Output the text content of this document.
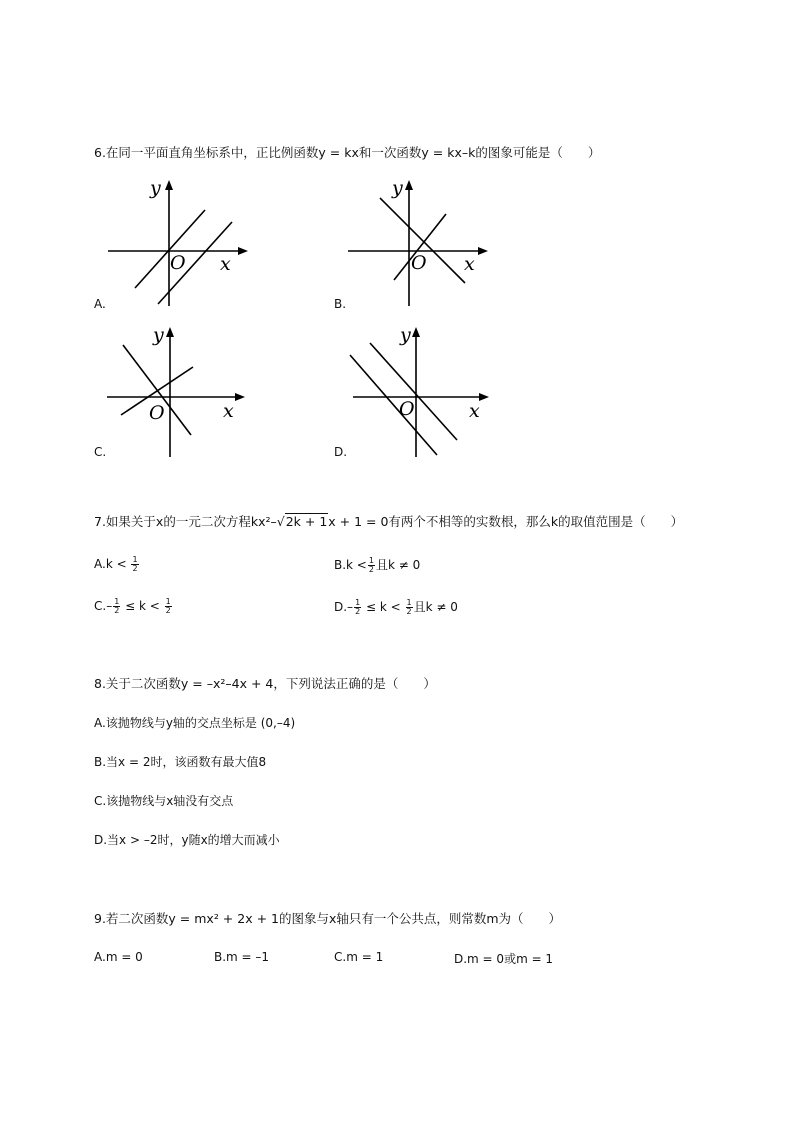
6.在同一平面直角坐标系中，正比例函数y = kx和一次函数y = kx–k的图象可能是（　　）
y
x
O
A.
y
x
O
B.
y
x
O
C.
y
x
O
D.
7.如果关于x的一元二次方程kx²–√2k + 1x + 1 = 0有两个不相等的实数根，那么k的取值范围是（　　）
$A.k < \frac{1}{2}$	$B.k < \frac{1}{2}$ 且k ≠ 0
$C.- \frac{1}{2} \le k < \frac{1}{2}$	$D.- \frac{1}{2} \le k < \frac{1}{2}$ 且k ≠ 0
8.关于二次函数y = –x²–4x + 4，下列说法正确的是（　　）
A.该抛物线与y轴的交点坐标是 (0,–4)
B.当x = 2时，该函数有最大值8
C.该抛物线与x轴没有交点
D.当x > –2时，y随x的增大而减小
9.若二次函数y = mx² + 2x + 1的图象与x轴只有一个公共点，则常数m为（　　）
A.m = 0	B.m = –1	C.m = 1	D.m = 0或m = 1
